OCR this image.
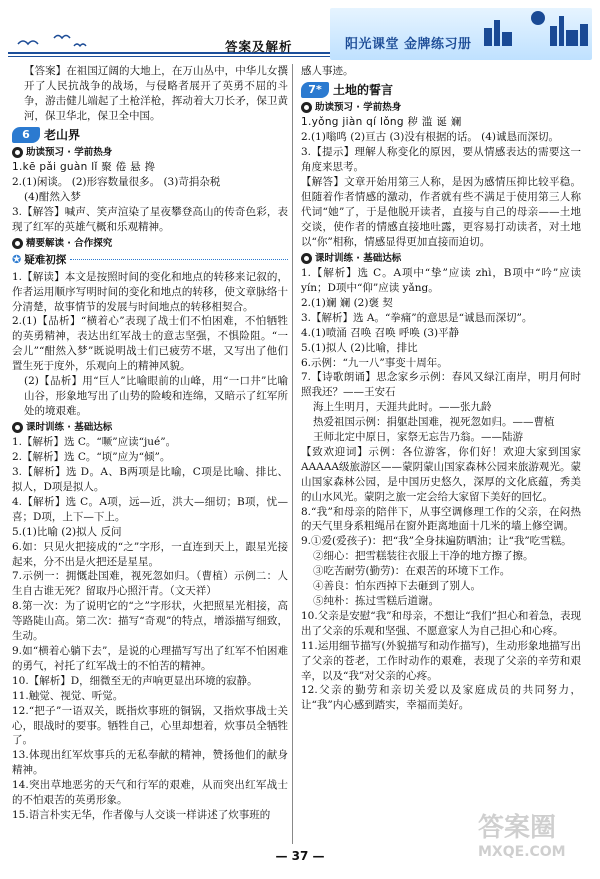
答案及解析	阳光课堂 金牌练习册

【答案】在祖国辽阔的大地上，在万山丛中，中华儿女撰开了人民抗战争的战场，与侵略者展开了英勇不屈的斗争，游击健儿端起了土枪洋枪，挥动着大刀长矛，保卫黄河，保卫华北，保卫全中国。

6	老山界
助读预习 · 学前热身

1.kē pǎi guàn lǐ 聚 倦 悬 搀

2.(1)闲谈。 (2)形容数量很多。 (3)苛捐杂税

(4)酣然入梦

3.【解答】喊声、笑声渲染了星夜攀登高山的传奇色彩，表现了红军的英雄气概和乐观精神。

精要解读 · 合作探究
✪ 疑难初探

1.【解读】本文是按照时间的变化和地点的转移来记叙的，作者运用顺序写明时间的变化和地点的转移，使文章脉络十分清楚，故事情节的发展与时间地点的转移相契合。

2.(1)【品析】“横着心”表现了战士们不怕困难，不怕牺牲的英勇精神，表达出红军战士的意志坚强，不惧险阻。“一会儿”“酣然入梦”既说明战士们已疲劳不堪，又写出了他们置生死于度外，乐观向上的精神风貌。

(2)【品析】用“巨人”比喻眼前的山峰，用“一口井”比喻山谷，形象地写出了山势的险峻和连绵，又暗示了红军所处的境艰难。

课时训练 · 基础达标

1.【解析】选 C。“噘”应读“jué”。

2.【解析】选 C。“顷”应为“倾”。

3.【解析】选 D。A、B两项是比喻，C项是比喻、排比、拟人，D项是拟人。

4.【解析】选 C。A项，远—近，洪大—细切；B项，忧—喜；D项，上下—下上。

5.(1)比喻 (2)拟人 反问

6.如：只见火把接成的“之”字形，一直连到天上，跟星光接起来，分不出是火把还是星星。

7.示例一：拥慨赴国难，视死忽如归。（曹植）示例二：人生自古谁无死？留取丹心照汗青。（文天祥）

8.第一次：为了说明它的“之”字形状，火把照星光相接，高等路陡山高。第二次：描写“奇观”的特点，增添描写细致，生动。

9.如“横着心躺下去”，是说的心理描写写出了红军不怕困难的勇气，衬托了红军战士的不怕苦的精神。

10.【解析】D，细微至无的声响更显出环境的寂静。

11.触觉、视觉、听觉。

12.“把子”一语双关，既指炊事班的铜锅，又指炊事战士关心，眼战时的要事。牺牲自己，心里却想着，炊事员全牺牲了。

13.体现出红军炊事兵的无私奉献的精神，赞扬他们的献身精神。

14.突出草地恶劣的天气和行军的艰难，从而突出红军战士的不怕艰苦的英勇形象。

15.语言朴实无华，作者像与人交谈一样讲述了炊事班的

感人事迹。

7* 土地的誓言
助读预习 · 学前热身

1.yǒng jiàn qí lǒng 秽 滥 诞 斓

2.(1)嗡鸣 (2)亘古 (3)没有根据的话。 (4)诚恳而深切。

3.【提示】理解人称变化的原因，要从情感表达的需要这一角度来思考。

【解答】文章开始用第三人称，是因为感情压抑比较平稳。但随着作者情感的激动，作者就有些不满足于使用第三人称代词“她”了，于是他脱开读者，直接与自己的母亲——土地交谈，使作者的情感直接地吐露，更容易打动读者，对土地以“你”相称，情感显得更加直接而迫切。

课时训练 · 基础达标

1.【解析】选 C。A项中“挚”应读 zhì，B项中“吟”应读 yín；D项中“仰”应读 yǎng。

2.(1)斓 斓 (2)褒 契

3.【解析】选 A。“拳痛”的意思是“诚恳而深切”。

4.(1)喷涌 召唤 召唤 呼唤 (3)平静

5.(1)拟人 (2)比喻，排比

6.示例：“九一八”事变十周年。

7.【诗歌朗诵】思念家乡示例：春风又绿江南岸，明月何时照我还？——王安石

海上生明月，天涯共此时。——张九龄

热爱祖国示例：捐躯赴国难，视死忽如归。——曹植

王师北定中原日，家祭无忘告乃翁。——陆游

【致欢迎词】示例：各位游客，你们好！欢迎大家到国家AAAAA级旅游区——蒙阴蒙山国家森林公园来旅游观光。蒙山国家森林公园，是中国历史悠久，深厚的文化底蕴，秀美的山水风光。蒙阴之旅一定会给大家留下美好的回忆。

8.“我”和母亲的陪伴下，从事空调修理工作的父亲，在闷热的天气里身系粗绳吊在窗外距离地面十几米的墙上修空调。

9.①爱(爱孩子)：把“我”全身抹遍防晒油；让“我”吃雪糕。

②细心：把雪糕装往衣服上干净的地方擦了擦。

③吃苦耐劳(勤劳)：在艰苦的环境下工作。

④善良：怕东西掉下去砸到了别人。

⑤纯朴：拣过雪糕后道谢。

10.父亲是安慰“我”和母亲，不想让“我们”担心和着急，表现出了父亲的乐观和坚强、不愿意家人为自己担心和心疼。

11.运用细节描写(外貌描写和动作描写)，生动形象地描写出了父亲的苍老，工作时动作的艰难，表现了父亲的辛劳和艰辛，以及“我”对父亲的心疼。

12.父亲的勤劳和亲切关爱以及家庭成员的共同努力，让“我”内心感到踏实，幸福而美好。

— 37 —
答案圈
MXQE.COM
